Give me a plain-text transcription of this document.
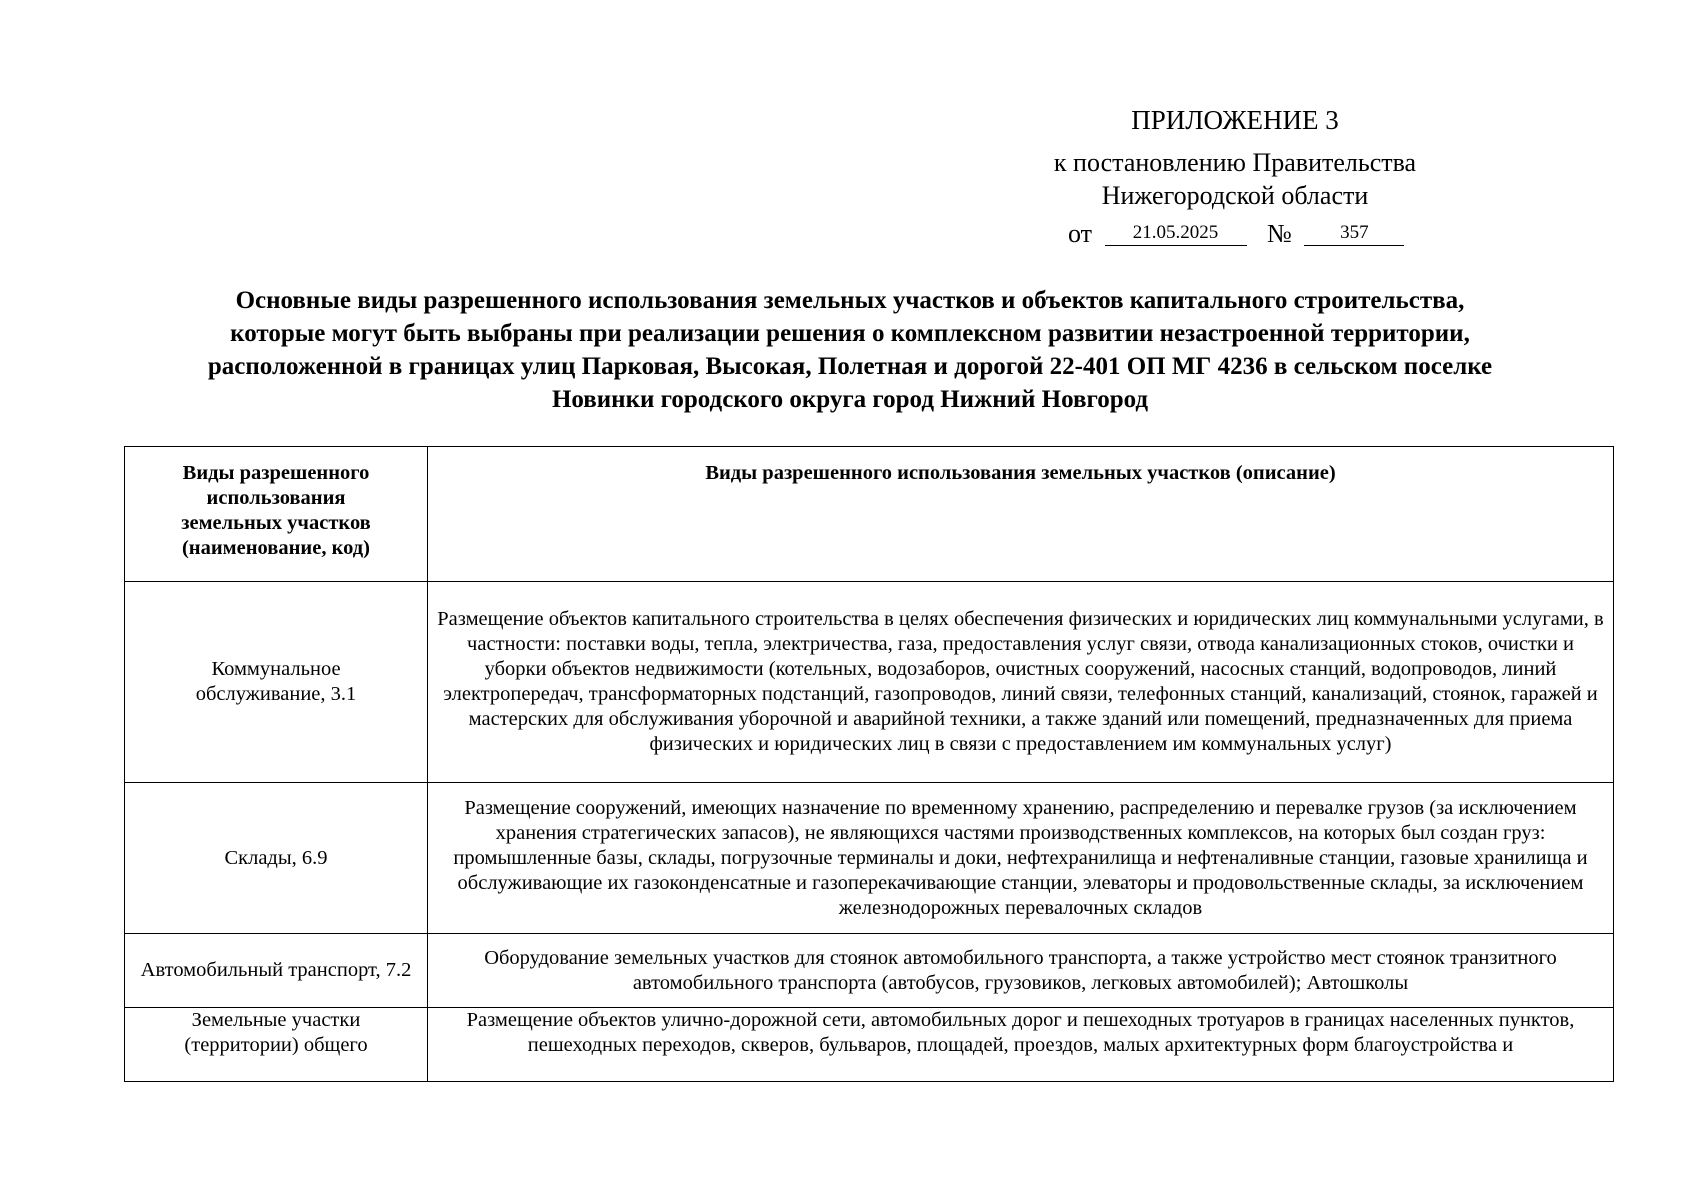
ПРИЛОЖЕНИЕ 3
к постановлению Правительства
Нижегородской области
от 21.05.2025 №	357
Основные виды разрешенного использования земельных участков и объектов капитального строительства,
которые могут быть выбраны при реализации решения о комплексном развитии незастроенной территории,
расположенной в границах улиц Парковая, Высокая, Полетная и дорогой 22-401 ОП МГ 4236 в сельском поселке
Новинки городского округа город Нижний Новгород
Виды разрешенного использования земельных участков (наименование, код)	Виды разрешенного использования земельных участков (описание)
Коммунальное обслуживание, 3.1	Размещение объектов капитального строительства в целях обеспечения физических и юридических лиц коммунальными услугами, в частности: поставки воды, тепла, электричества, газа, предоставления услуг связи, отвода канализационных стоков, очистки и уборки объектов недвижимости (котельных, водозаборов, очистных сооружений, насосных станций, водопроводов, линий электропередач, трансформаторных подстанций, газопроводов, линий связи, телефонных станций, канализаций, стоянок, гаражей и мастерских для обслуживания уборочной и аварийной техники, а также зданий или помещений, предназначенных для приема физических и юридических лиц в связи с предоставлением им коммунальных услуг)
Склады, 6.9	Размещение сооружений, имеющих назначение по временному хранению, распределению и перевалке грузов (за исключением хранения стратегических запасов), не являющихся частями производственных комплексов, на которых был создан груз: промышленные базы, склады, погрузочные терминалы и доки, нефтехранилища и нефтеналивные станции, газовые хранилища и обслуживающие их газоконденсатные и газоперекачивающие станции, элеваторы и продовольственные склады, за исключением железнодорожных перевалочных складов
Автомобильный транспорт, 7.2	Оборудование земельных участков для стоянок автомобильного транспорта, а также устройство мест стоянок транзитного автомобильного транспорта (автобусов, грузовиков, легковых автомобилей); Автошколы

Земельные участки (территории) общего	Размещение объектов улично-дорожной сети, автомобильных дорог и пешеходных тротуаров в границах населенных пунктов, пешеходных переходов, скверов, бульваров, площадей, проездов, малых архитектурных форм благоустройства и
